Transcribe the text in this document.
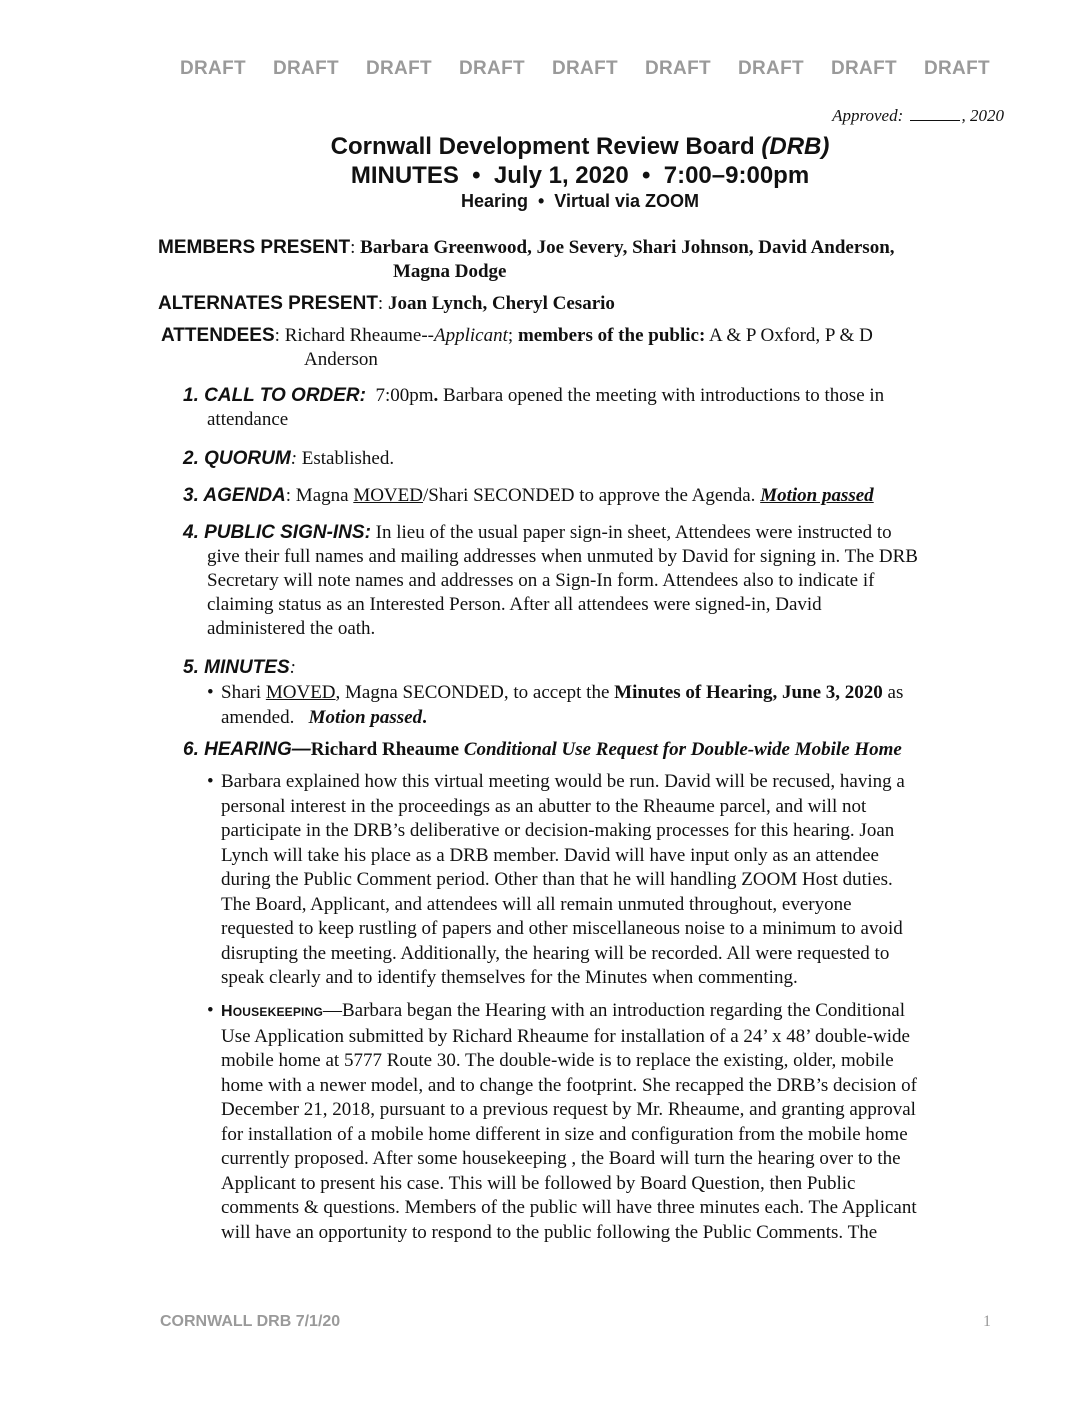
DRAFT DRAFT DRAFT DRAFT DRAFT DRAFT DRAFT DRAFT DRAFT
Approved:	, 2020
Cornwall Development Review Board (DRB)
MINUTES  •  July 1, 2020  •  7:00–9:00pm
Hearing  •  Virtual via ZOOM
MEMBERS PRESENT: Barbara Greenwood, Joe Severy, Shari Johnson, David Anderson,
Magna Dodge
ALTERNATES PRESENT: Joan Lynch, Cheryl Cesario
ATTENDEES: Richard Rheaume--Applicant; members of the public: A & P Oxford, P & D
Anderson
1. CALL TO ORDER: 7:00pm. Barbara opened the meeting with introductions to those in
attendance
2. QUORUM: Established.
3. AGENDA: Magna MOVED/Shari SECONDED to approve the Agenda. Motion passed
4. PUBLIC SIGN-INS: In lieu of the usual paper sign-in sheet, Attendees were instructed to
give their full names and mailing addresses when unmuted by David for signing in. The DRB
Secretary will note names and addresses on a Sign-In form. Attendees also to indicate if
claiming status as an Interested Person. After all attendees were signed-in, David
administered the oath.
5. MINUTES:
• Shari MOVED, Magna SECONDED, to accept the Minutes of Hearing, June 3, 2020 as
amended. Motion passed.
6. HEARING—Richard Rheaume Conditional Use Request for Double-wide Mobile Home
• Barbara explained how this virtual meeting would be run. David will be recused, having a
personal interest in the proceedings as an abutter to the Rheaume parcel, and will not
participate in the DRB’s deliberative or decision-making processes for this hearing. Joan
Lynch will take his place as a DRB member. David will have input only as an attendee
during the Public Comment period. Other than that he will handling ZOOM Host duties.
The Board, Applicant, and attendees will all remain unmuted throughout, everyone
requested to keep rustling of papers and other miscellaneous noise to a minimum to avoid
disrupting the meeting. Additionally, the hearing will be recorded. All were requested to
speak clearly and to identify themselves for the Minutes when commenting.
• HOUSEKEEPING—Barbara began the Hearing with an introduction regarding the Conditional
Use Application submitted by Richard Rheaume for installation of a 24’ x 48’ double-wide
mobile home at 5777 Route 30. The double-wide is to replace the existing, older, mobile
home with a newer model, and to change the footprint. She recapped the DRB’s decision of
December 21, 2018, pursuant to a previous request by Mr. Rheaume, and granting approval
for installation of a mobile home different in size and configuration from the mobile home
currently proposed. After some housekeeping , the Board will turn the hearing over to the
Applicant to present his case. This will be followed by Board Question, then Public
comments & questions. Members of the public will have three minutes each. The Applicant
will have an opportunity to respond to the public following the Public Comments. The
CORNWALL DRB 7/1/20	1
